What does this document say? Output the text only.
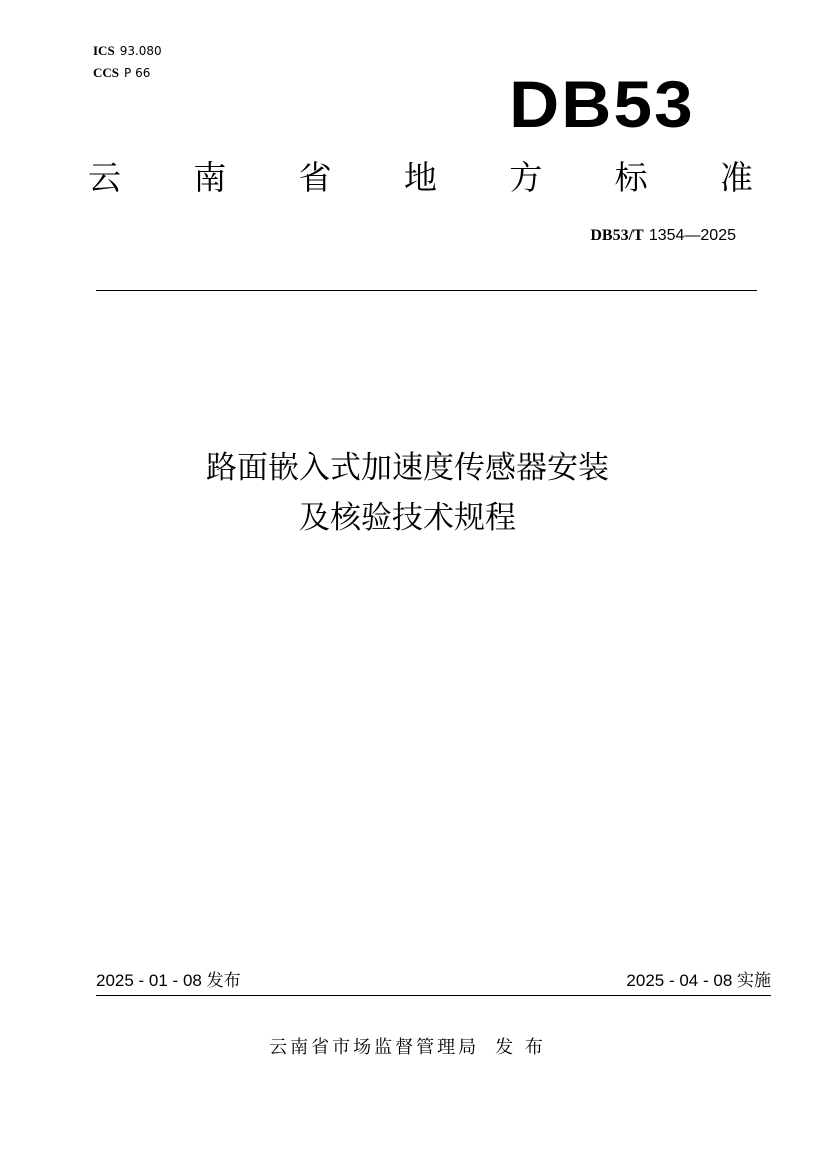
ICS 93.080
CCS P 66	DB53
云 南 省 地 方 标 准
DB53/T 1354—2025
路面嵌入式加速度传感器安装
及核验技术规程
2025 - 01 - 08 发布	2025 - 04 - 08 实施
云南省市场监督管理局 发 布
